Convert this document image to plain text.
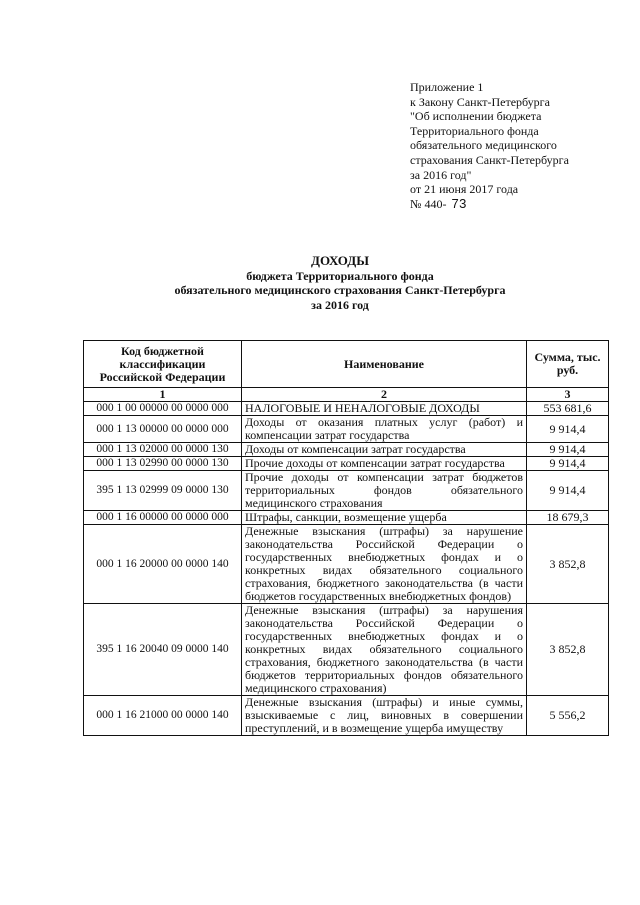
Приложение 1
к Закону Санкт-Петербурга
"Об исполнении бюджета
Территориального фонда
обязательного медицинского
страхования Санкт-Петербурга
за 2016 год"
от 21 июня 2017 года
№ 440- 73
ДОХОДЫ
бюджета Территориального фонда
обязательного медицинского страхования Санкт-Петербурга
за 2016 год
Код бюджетной классификации Российской Федерации	Наименование	Сумма, тыс. руб.
1	2	3
000 1 00 00000 00 0000 000	НАЛОГОВЫЕ И НЕНАЛОГОВЫЕ ДОХОДЫ	553 681,6
000 1 13 00000 00 0000 000	Доходы от оказания платных услуг (работ) и компенсации затрат государства	9 914,4
000 1 13 02000 00 0000 130	Доходы от компенсации затрат государства	9 914,4
000 1 13 02990 00 0000 130	Прочие доходы от компенсации затрат государства	9 914,4
395 1 13 02999 09 0000 130	Прочие доходы от компенсации затрат бюджетов территориальных фондов обязательного медицинского страхования	9 914,4
000 1 16 00000 00 0000 000	Штрафы, санкции, возмещение ущерба	18 679,3
000 1 16 20000 00 0000 140	Денежные взыскания (штрафы) за нарушение законодательства Российской Федерации о государственных внебюджетных фондах и о конкретных видах обязательного социального страхования, бюджетного законодательства (в части бюджетов государственных внебюджетных фондов)	3 852,8
395 1 16 20040 09 0000 140	Денежные взыскания (штрафы) за нарушения законодательства Российской Федерации о государственных внебюджетных фондах и о конкретных видах обязательного социального страхования, бюджетного законодательства (в части бюджетов территориальных фондов обязательного медицинского страхования)	3 852,8
000 1 16 21000 00 0000 140	Денежные взыскания (штрафы) и иные суммы, взыскиваемые с лиц, виновных в совершении преступлений, и в возмещение ущерба имуществу	5 556,2
